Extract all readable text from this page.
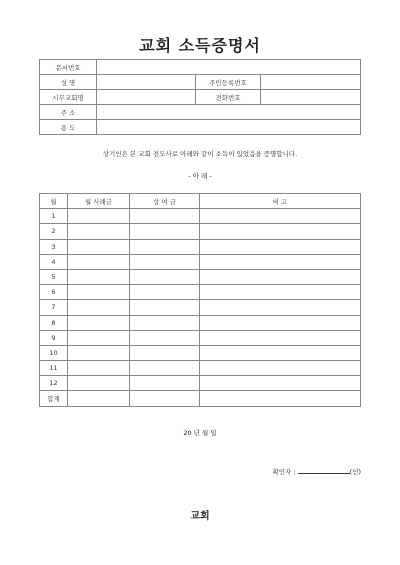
교회 소득증명서
문서번호			
성 명		주민등록번호	
시무교회명		전화번호	
주 소			
용 도			
상기인은 본 교회 전도사로 아래와 같이 소득이 있었음을 증명합니다.
- 아 래 -
월	월 사례금	상 여 금	비 고
1			
2			
3			
4			
5			
6			
7			
8			
9			
10			
11			
12			
합계			
20 년 월 일
확인자 :	(인)
교회
